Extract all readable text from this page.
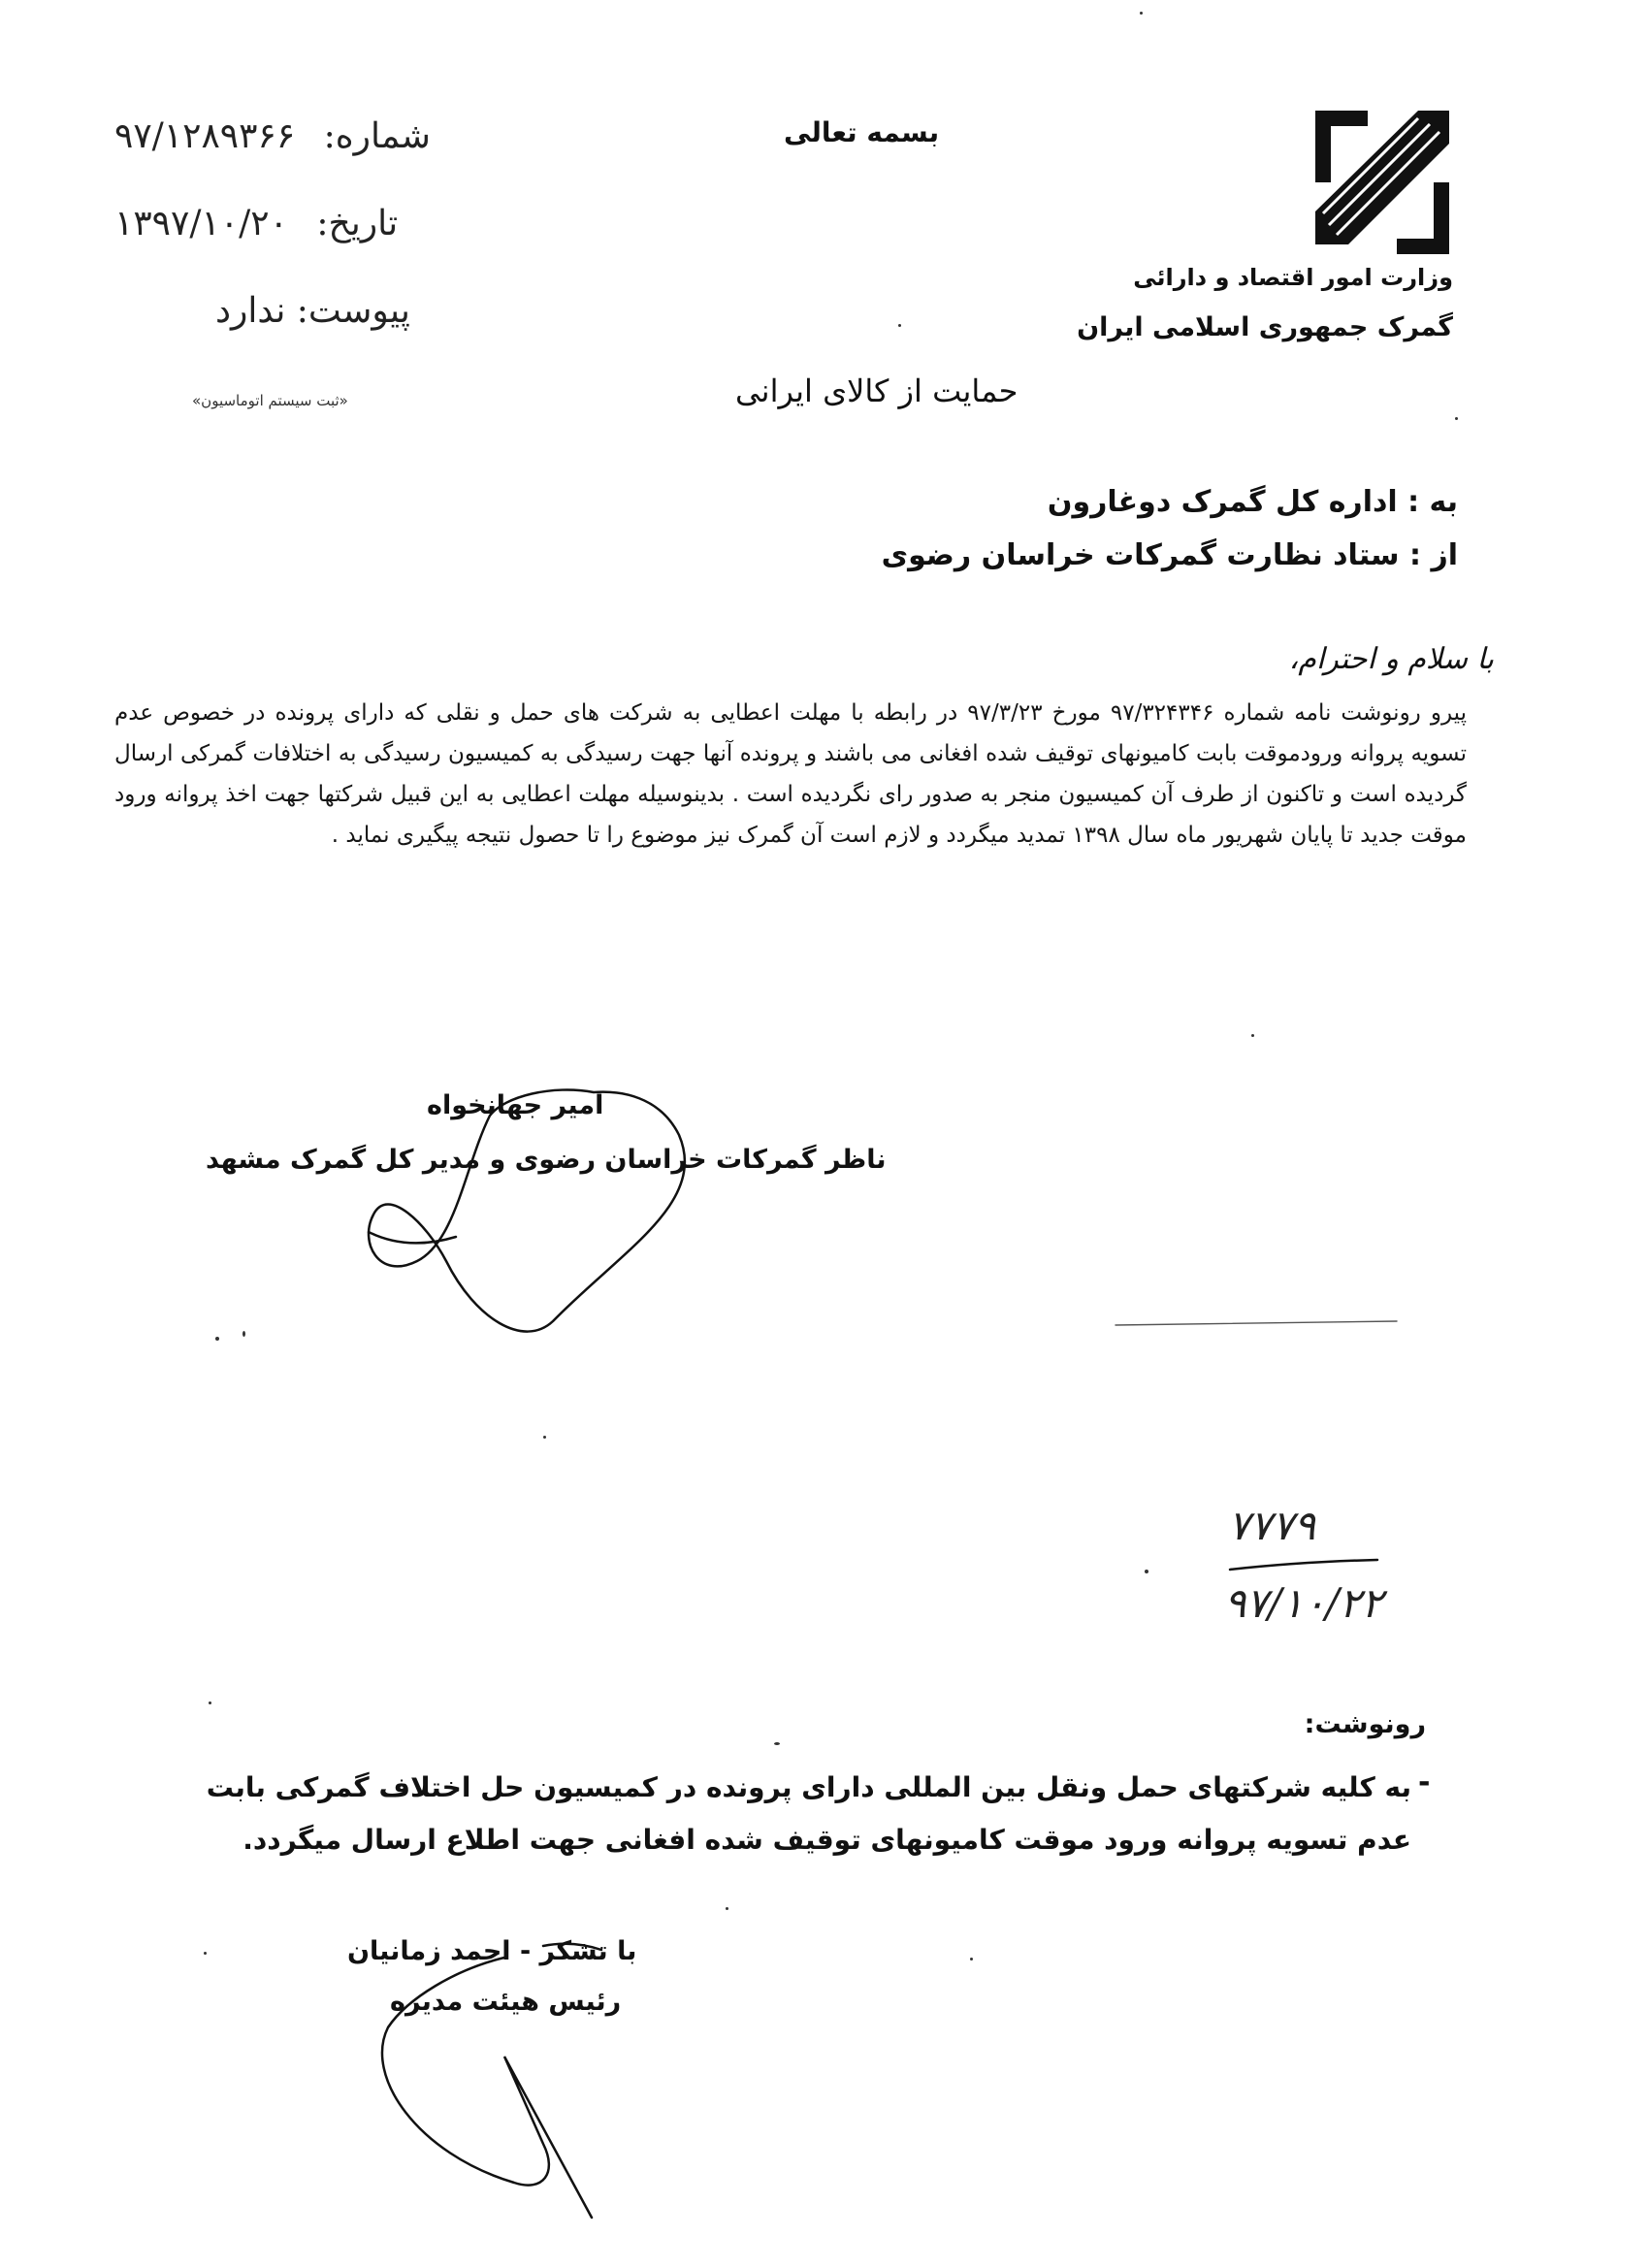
شماره: ۹۷/۱۲۸۹۳۶۶
تاریخ: ۱۳۹۷/۱۰/۲۰
پیوست: ندارد
«ثبت سیستم اتوماسیون»
بسمه تعالی
حمایت از کالای ایرانی
وزارت امور اقتصاد و دارائی
گمرک جمهوری اسلامی ایران
به : اداره کل گمرک دوغارون
از : ستاد نظارت گمرکات خراسان رضوی
با سلام و احترام،
پیرو رونوشت نامه شماره ۹۷/۳۲۴۳۴۶ مورخ ۹۷/۳/۲۳ در رابطه با مهلت اعطایی به شرکت های حمل و نقلی که دارای پرونده در خصوص عدم تسویه پروانه ورودموقت بابت کامیونهای توقیف شده افغانی می باشند و پرونده آنها جهت رسیدگی به کمیسیون رسیدگی به اختلافات گمرکی ارسال گردیده است و تاکنون از طرف آن کمیسیون منجر به صدور رای نگردیده است . بدینوسیله مهلت اعطایی به این قبیل شرکتها جهت اخذ پروانه ورود موقت جدید تا پایان شهریور ماه سال ۱۳۹۸ تمدید میگردد و لازم است آن گمرک نیز موضوع را تا حصول نتیجه پیگیری نماید .
امیر جهانخواه
ناظر گمرکات خراسان رضوی و مدیر کل گمرک مشهد
۷۷۷۹
۹۷/۱۰/۲۲
رونوشت:
-
به کلیه شرکتهای حمل ونقل بین المللی دارای پرونده در کمیسیون حل اختلاف گمرکی بابت عدم تسویه پروانه ورود موقت کامیونهای توقیف شده افغانی جهت اطلاع ارسال میگردد.
با تشکر - احمد زمانیان
رئیس هیئت مدیره
